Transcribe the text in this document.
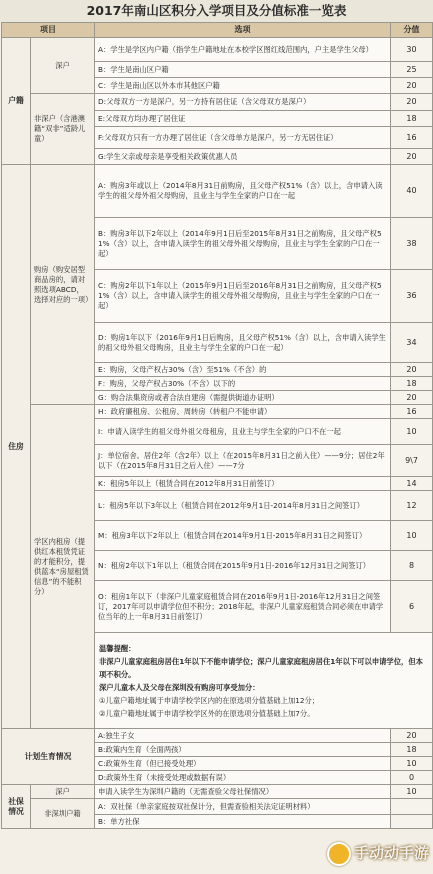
2017年南山区积分入学项目及分值标准一览表
项目		选项	分值
户籍	深户	A：学生是学区内户籍（指学生户籍地址在本校学区图红线范围内，户主是学生父母）	30
		B：学生是南山区户籍	25
		C：学生是南山区以外本市其他区户籍	20
	非深户（含港澳籍“双非”适龄儿童）	D:父母双方一方是深户，另一方持有居住证（含父母双方是深户）	20
		E:父母双方均办理了居住证	18
		F:父母双方只有一方办理了居住证（含父母单方是深户，另一方无居住证）	16
		G:学生父亲或母亲是享受相关政策优惠人员	20
住房	购房（购安居型商品房的，请对照选项ABCD，选择对应的一项）	A：购房3年或以上（2014年8月31日前购房，且父母产权51%（含）以上，含申请入读学生的祖父母外祖父母购房，且业主与学生全家的户口在一起	40
		B：购房3年以下2年以上（2014年9月1日后至2015年8月31日之前购房，且父母产权51%（含）以上，含申请入读学生的祖父母外祖父母购房，且业主与学生全家的户口在一起）	38
		C：购房2年以下1年以上（2015年9月1日后至2016年8月31日之前购房，且父母产权51%（含）以上，含申请入读学生的祖父母外祖父母购房，且业主与学生全家的户口在一起）	36
		D：购房1年以下（2016年9月1日后购房，且父母产权51%（含）以上，含申请入读学生的祖父母外祖父母购房，且业主与学生全家的户口在一起）	34
		E：购房，父母产权占30%（含）至51%（不含）的	20
		F：购房，父母产权占30%（不含）以下的	18
		G：购合法集资房或者合法自建房（需提供街道办证明）	20
	学区内租房（提供红本租赁凭证的才能积分，提供蓝本“房屋租赁信息”的不能积分）	H：政府廉租房、公租房、周转房（转租户不能申请）	16
		I：申请入读学生的祖父母外祖父母租房，且业主与学生全家的户口不在一起	10
		J：单位宿舍。居住2年（含2年）以上（在2015年8月31日之前入住）——9分；居住2年以下（在2015年8月31日之后入住）——7分	9\7
		K：租房5年以上（租赁合同在2012年8月31日前签订）	14
		L：租房5年以下3年以上（租赁合同在2012年9月1日-2014年8月31日之间签订）	12
		M：租房3年以下2年以上（租赁合同在2014年9月1日-2015年8月31日之间签订）	10
		N：租房2年以下1年以上（租赁合同在2015年9月1日-2016年12月31日之间签订）	8
		O：租房1年以下（非深户儿童家庭租赁合同在2016年9月1日-2016年12月31日之间签订，2017年可以申请学位但不积分；2018年起，非深户儿童家庭租赁合同必须在申请学位当年的上一年8月31日前签订）	6

		温馨提醒：
非深户儿童家庭租房居住1年以下不能申请学位；深户儿童家庭租房居住1年以下可以申请学位，但本项不积分。
深户儿童本人及父母在深圳没有购房可享受加分：
①儿童户籍地址属于申请学校学区内的在原选项分值基础上加12分；
②儿童户籍地址属于申请学校学区外的在原选项分值基础上加7分。	

计划生育情况		A:独生子女	20
		B:政策内生育（全面两孩）	18
		C:政策外生育（但已接受处理）	10
		D:政策外生育（未接受处理或数据有误）	0
社保情况	深户	申请入读学生为深圳户籍的（无需查验父母社保情况）	10
	非深圳户籍	A：双社保（单亲家庭按双社保计分，但需查验相关法定证明材料）	
		B：单方社保	
手动动手游
